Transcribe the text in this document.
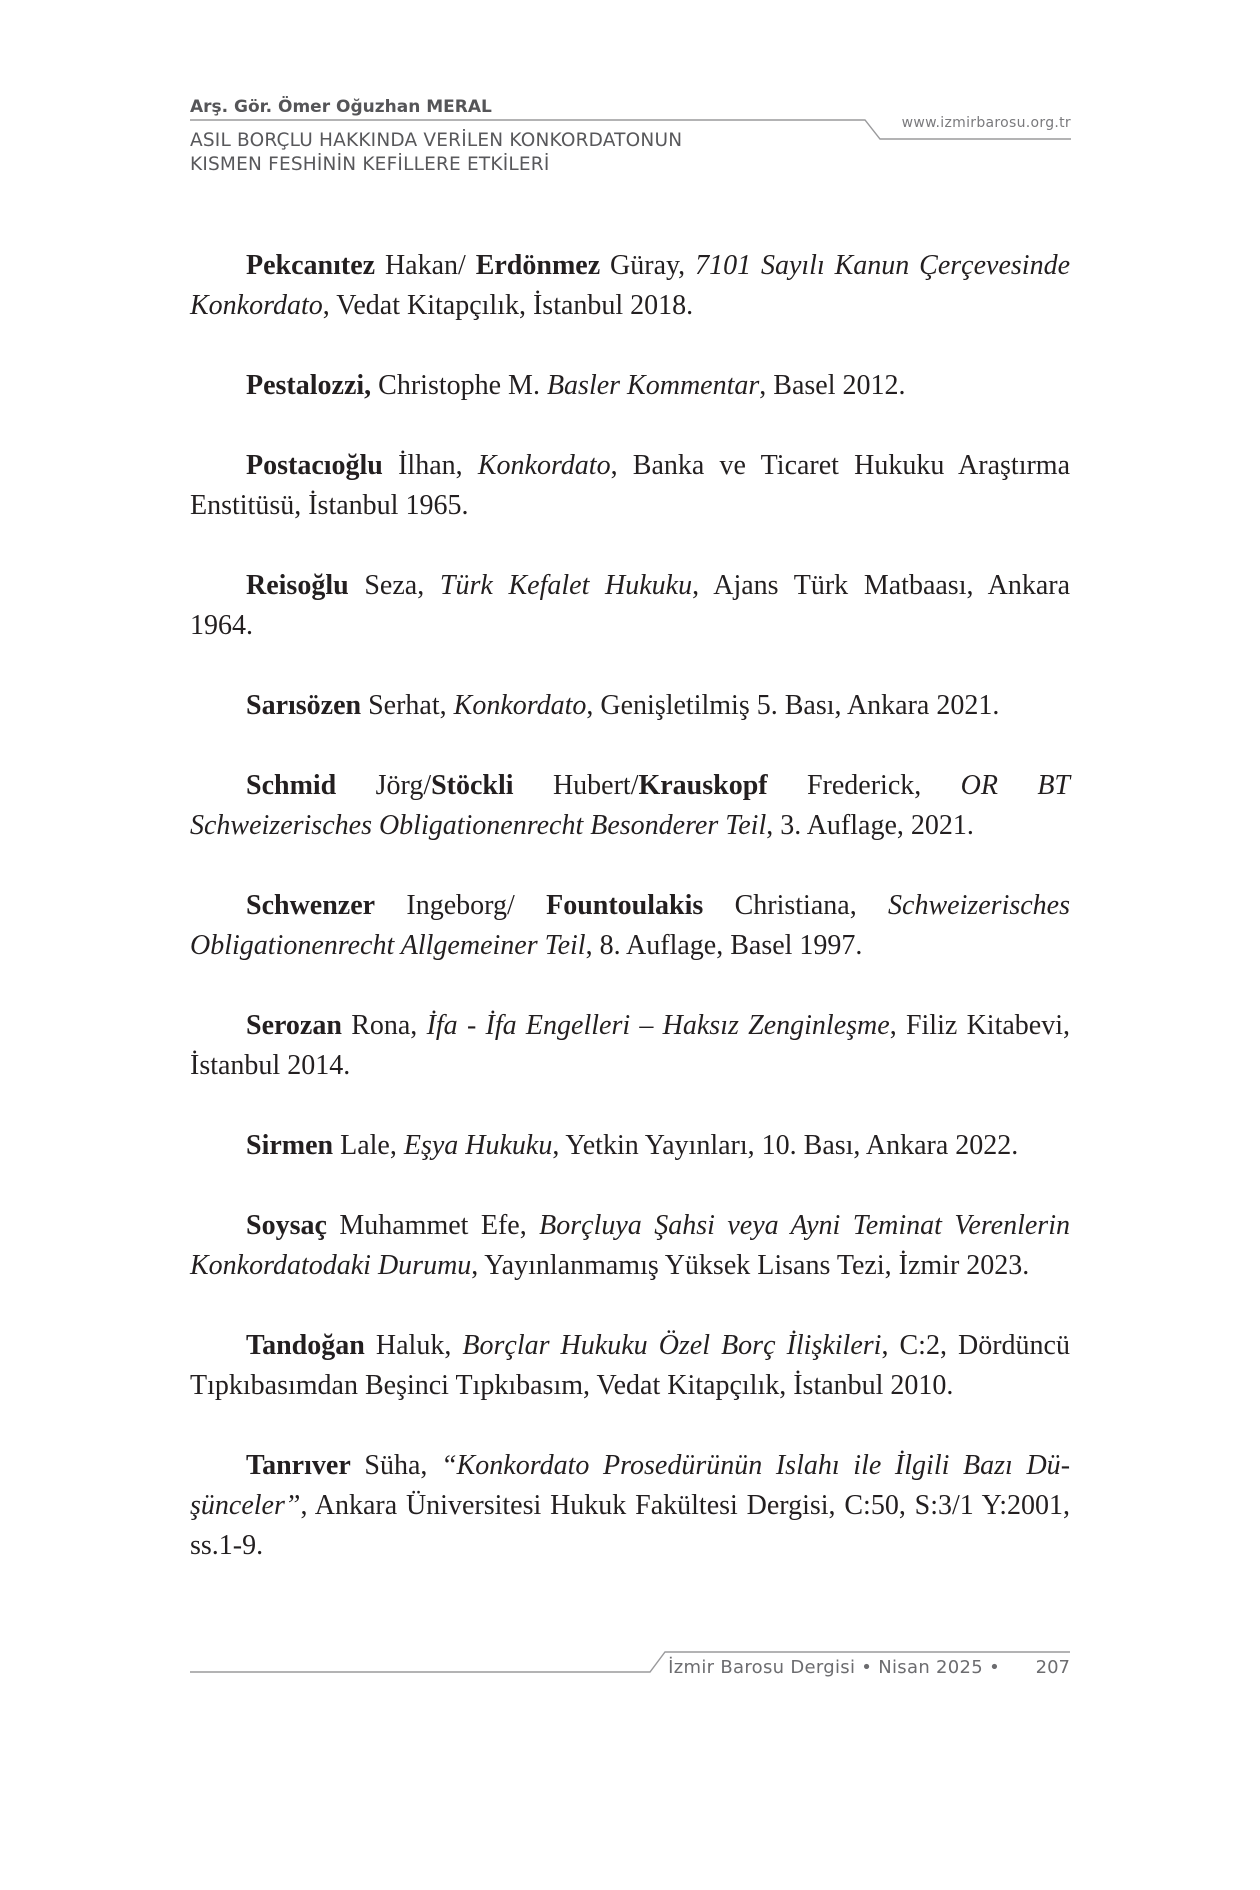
Arş. Gör. Ömer Oğuzhan MERAL

ASIL BORÇLU HAKKINDA VERİLEN KONKORDATONUN
KISMEN FESHİNİN KEFİLLERE ETKİLERİ

www.izmirbarosu.org.tr

Pekcanıtez Hakan/ Erdönmez Güray, 7101 Sayılı Kanun Çerçevesinde Konkordato, Vedat Kitapçılık, İstanbul 2018.

Pestalozzi, Christophe M. Basler Kommentar, Basel 2012.

Postacıoğlu İlhan, Konkordato, Banka ve Ticaret Hukuku Araştırma Enstitüsü, İstanbul 1965.

Reisoğlu Seza, Türk Kefalet Hukuku, Ajans Türk Matbaası, Ankara 1964.

Sarısözen Serhat, Konkordato, Genişletilmiş 5. Bası, Ankara 2021.

Schmid Jörg/Stöckli Hubert/Krauskopf Frederick, OR BT Schweizerisches Obligationenrecht Besonderer Teil, 3. Auflage, 2021.

Schwenzer Ingeborg/ Fountoulakis Christiana, Schweizerisches Obligationenrecht Allgemeiner Teil, 8. Auflage, Basel 1997.

Serozan Rona, İfa - İfa Engelleri – Haksız Zenginleşme, Filiz Kitabevi, İstanbul 2014.

Sirmen Lale, Eşya Hukuku, Yetkin Yayınları, 10. Bası, Ankara 2022.

Soysaç Muhammet Efe, Borçluya Şahsi veya Ayni Teminat Verenlerin Konkordatodaki Durumu, Yayınlanmamış Yüksek Lisans Tezi, İzmir 2023.

Tandoğan Haluk, Borçlar Hukuku Özel Borç İlişkileri, C:2, Dördüncü Tıpkıbasımdan Beşinci Tıpkıbasım, Vedat Kitapçılık, İstanbul 2010.

Tanrıver Süha, “Konkordato Prosedürünün Islahı ile İlgili Bazı Düşünceler”, Ankara Üniversitesi Hukuk Fakültesi Dergisi, C:50, S:3/1 Y:2001, ss.1-9.

İzmir Barosu Dergisi • Nisan 2025 • 207
